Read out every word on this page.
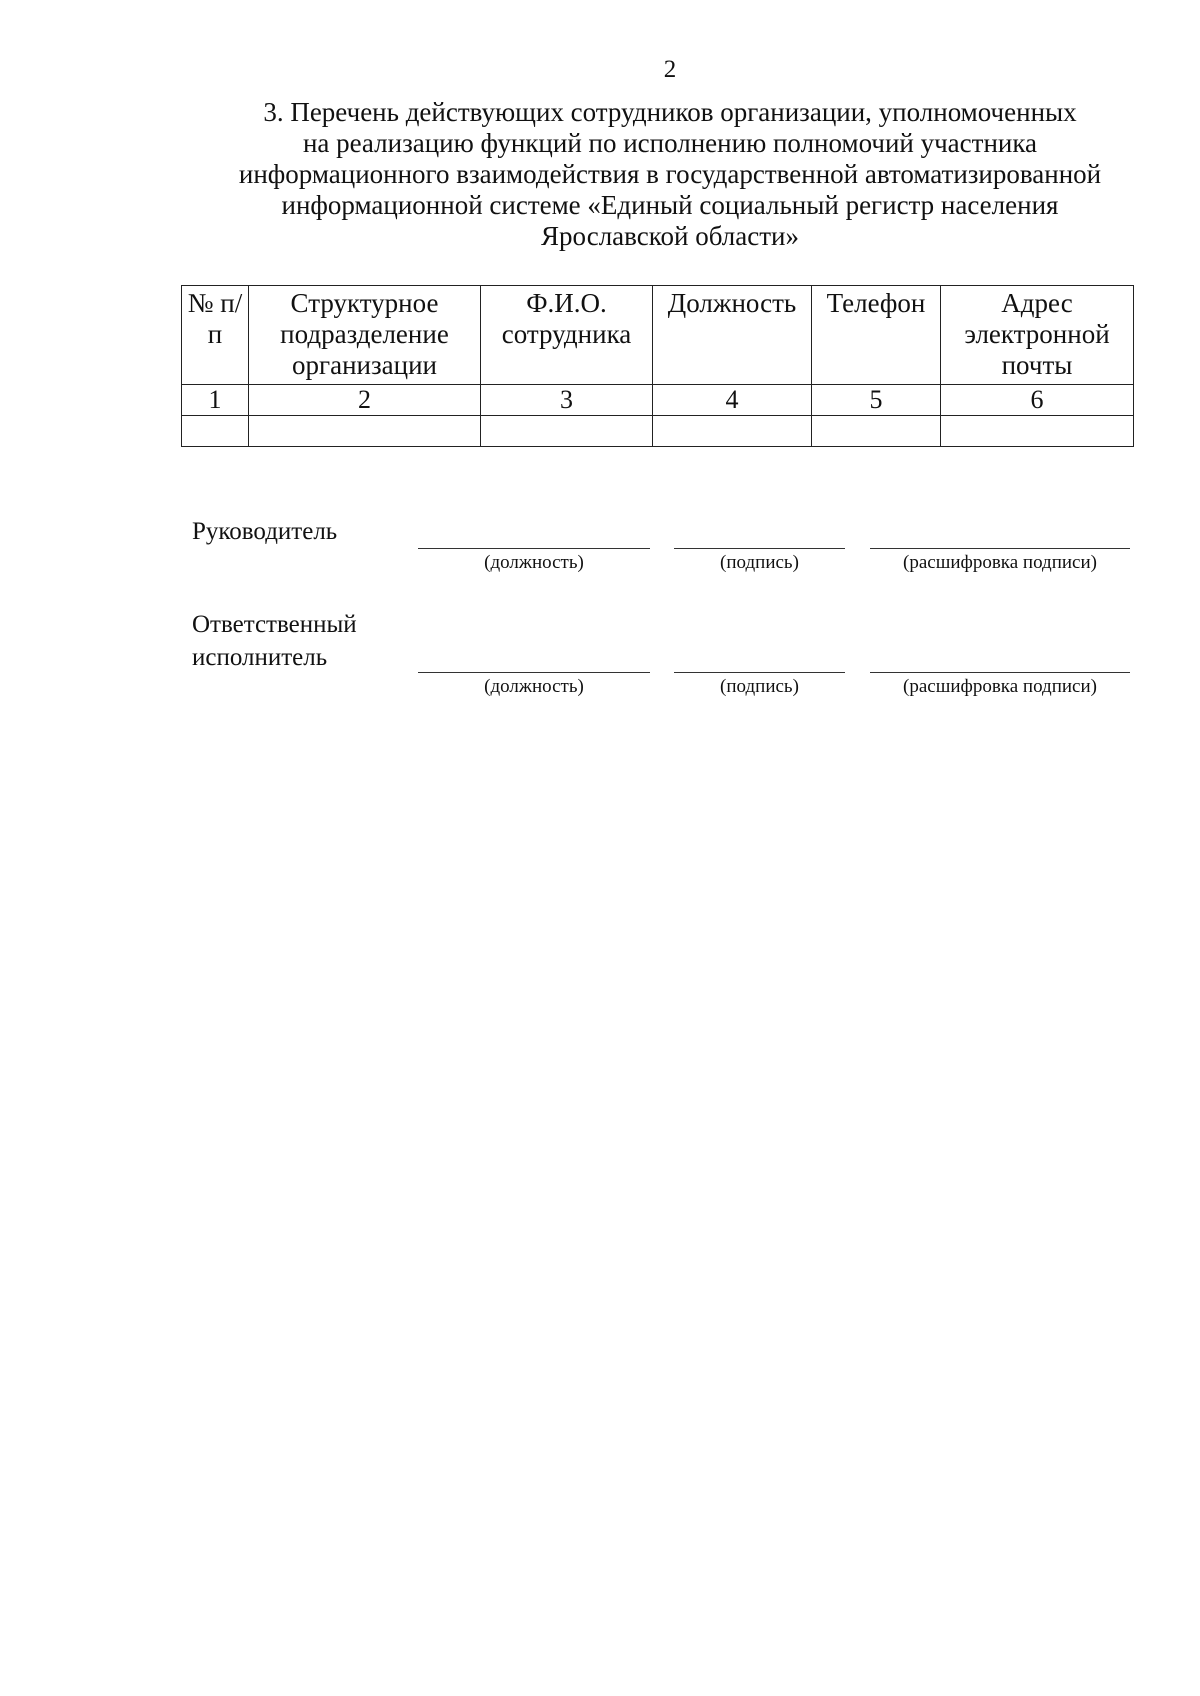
2
3. Перечень действующих сотрудников организации, уполномоченных
на реализацию функций по исполнению полномочий участника
информационного взаимодействия в государственной автоматизированной
информационной системе «Единый социальный регистр населения
Ярославской области»
№ п/п	Структурное подразделение организации	Ф.И.О. сотрудника	Должность	Телефон	Адрес электронной почты
1	2	3	4	5	6

Руководитель
(должность)	(подпись)	(расшифровка подписи)
Ответственный
исполнитель
(должность)	(подпись)	(расшифровка подписи)
